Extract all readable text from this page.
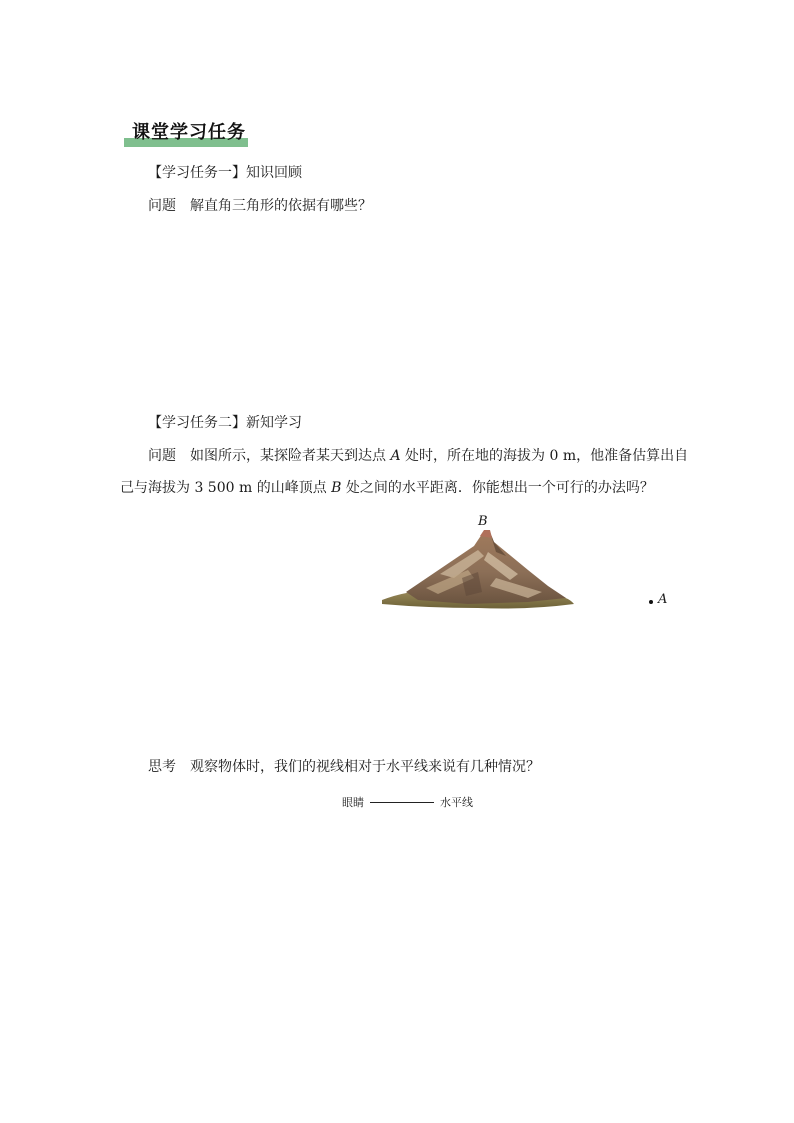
课堂学习任务
【学习任务一】知识回顾
问题 解直角三角形的依据有哪些？
【学习任务二】新知学习
问题 如图所示，某探险者某天到达点 A 处时，所在地的海拔为 0 m，他准备估算出自
己与海拔为 3 500 m 的山峰顶点 B 处之间的水平距离．你能想出一个可行的办法吗？
B
A
思考 观察物体时，我们的视线相对于水平线来说有几种情况？
眼睛	水平线
